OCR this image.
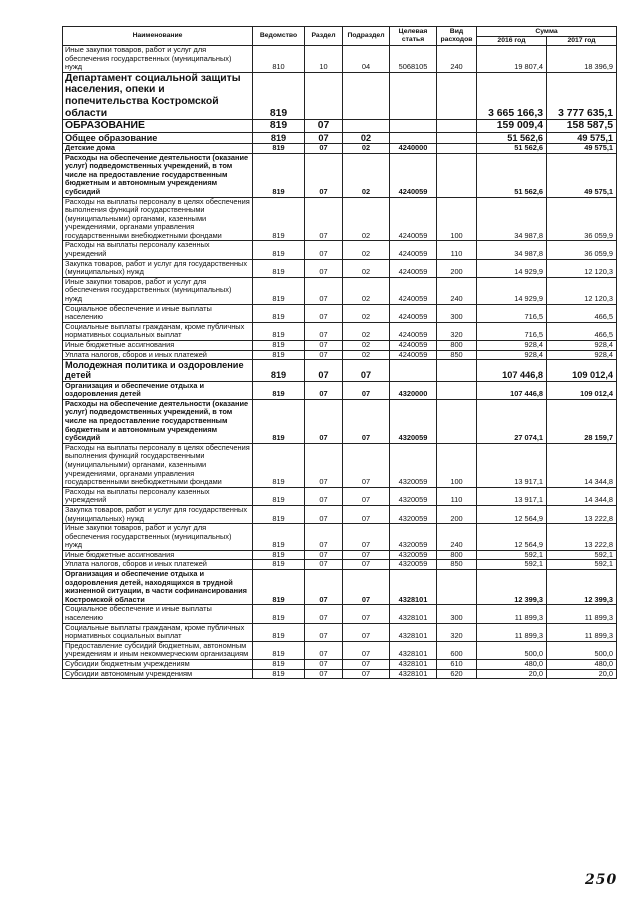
Наименование	Ведомство	Раздел	Подраздел	Целевая статья	Вид расходов	Сумма	
						2016 год	2017 год

Иные закупки товаров, работ и услуг для обеспечения государственных (муниципальных) нужд	810	10	04	5068105	240	19 807,4	18 396,9

Департамент социальной защиты населения, опеки и попечительства Костромской области	819					3 665 166,3	3 777 635,1

ОБРАЗОВАНИЕ	819	07				159 009,4	158 587,5

Общее образование	819	07	02			51 562,6	49 575,1

Детские дома	819	07	02	4240000		51 562,6	49 575,1

Расходы на обеспечение деятельности (оказание услуг) подведомственных учреждений, в том числе на предоставление государственным бюджетным и автономным учреждениям субсидий	819	07	02	4240059		51 562,6	49 575,1

Расходы на выплаты персоналу в целях обеспечения выполнения функций государственными (муниципальными) органами, казенными учреждениями, органами управления государственными внебюджетными фондами	819	07	02	4240059	100	34 987,8	36 059,9

Расходы на выплаты персоналу казенных учреждений	819	07	02	4240059	110	34 987,8	36 059,9

Закупка товаров, работ и услуг для государственных (муниципальных) нужд	819	07	02	4240059	200	14 929,9	12 120,3

Иные закупки товаров, работ и услуг для обеспечения государственных (муниципальных) нужд	819	07	02	4240059	240	14 929,9	12 120,3

Социальное обеспечение и иные выплаты населению	819	07	02	4240059	300	716,5	466,5

Социальные выплаты гражданам, кроме публичных нормативных социальных выплат	819	07	02	4240059	320	716,5	466,5

Иные бюджетные ассигнования	819	07	02	4240059	800	928,4	928,4

Уплата налогов, сборов и иных платежей	819	07	02	4240059	850	928,4	928,4

Молодежная политика и оздоровление детей	819	07	07			107 446,8	109 012,4

Организация и обеспечение отдыха и оздоровления детей	819	07	07	4320000		107 446,8	109 012,4

Расходы на обеспечение деятельности (оказание услуг) подведомственных учреждений, в том числе на предоставление государственным бюджетным и автономным учреждениям субсидий	819	07	07	4320059		27 074,1	28 159,7

Расходы на выплаты персоналу в целях обеспечения выполнения функций государственными (муниципальными) органами, казенными учреждениями, органами управления государственными внебюджетными фондами	819	07	07	4320059	100	13 917,1	14 344,8

Расходы на выплаты персоналу казенных учреждений	819	07	07	4320059	110	13 917,1	14 344,8

Закупка товаров, работ и услуг для государственных (муниципальных) нужд	819	07	07	4320059	200	12 564,9	13 222,8

Иные закупки товаров, работ и услуг для обеспечения государственных (муниципальных) нужд	819	07	07	4320059	240	12 564,9	13 222,8

Иные бюджетные ассигнования	819	07	07	4320059	800	592,1	592,1

Уплата налогов, сборов и иных платежей	819	07	07	4320059	850	592,1	592,1

Организация и обеспечение отдыха и оздоровления детей, находящихся в трудной жизненной ситуации, в части софинансирования Костромской области	819	07	07	4328101		12 399,3	12 399,3

Социальное обеспечение и иные выплаты населению	819	07	07	4328101	300	11 899,3	11 899,3

Социальные выплаты гражданам, кроме публичных нормативных социальных выплат	819	07	07	4328101	320	11 899,3	11 899,3

Предоставление субсидий бюджетным, автономным учреждениям и иным некоммерческим организациям	819	07	07	4328101	600	500,0	500,0

Субсидии бюджетным учреждениям	819	07	07	4328101	610	480,0	480,0

Субсидии автономным учреждениям	819	07	07	4328101	620	20,0	20,0
250
